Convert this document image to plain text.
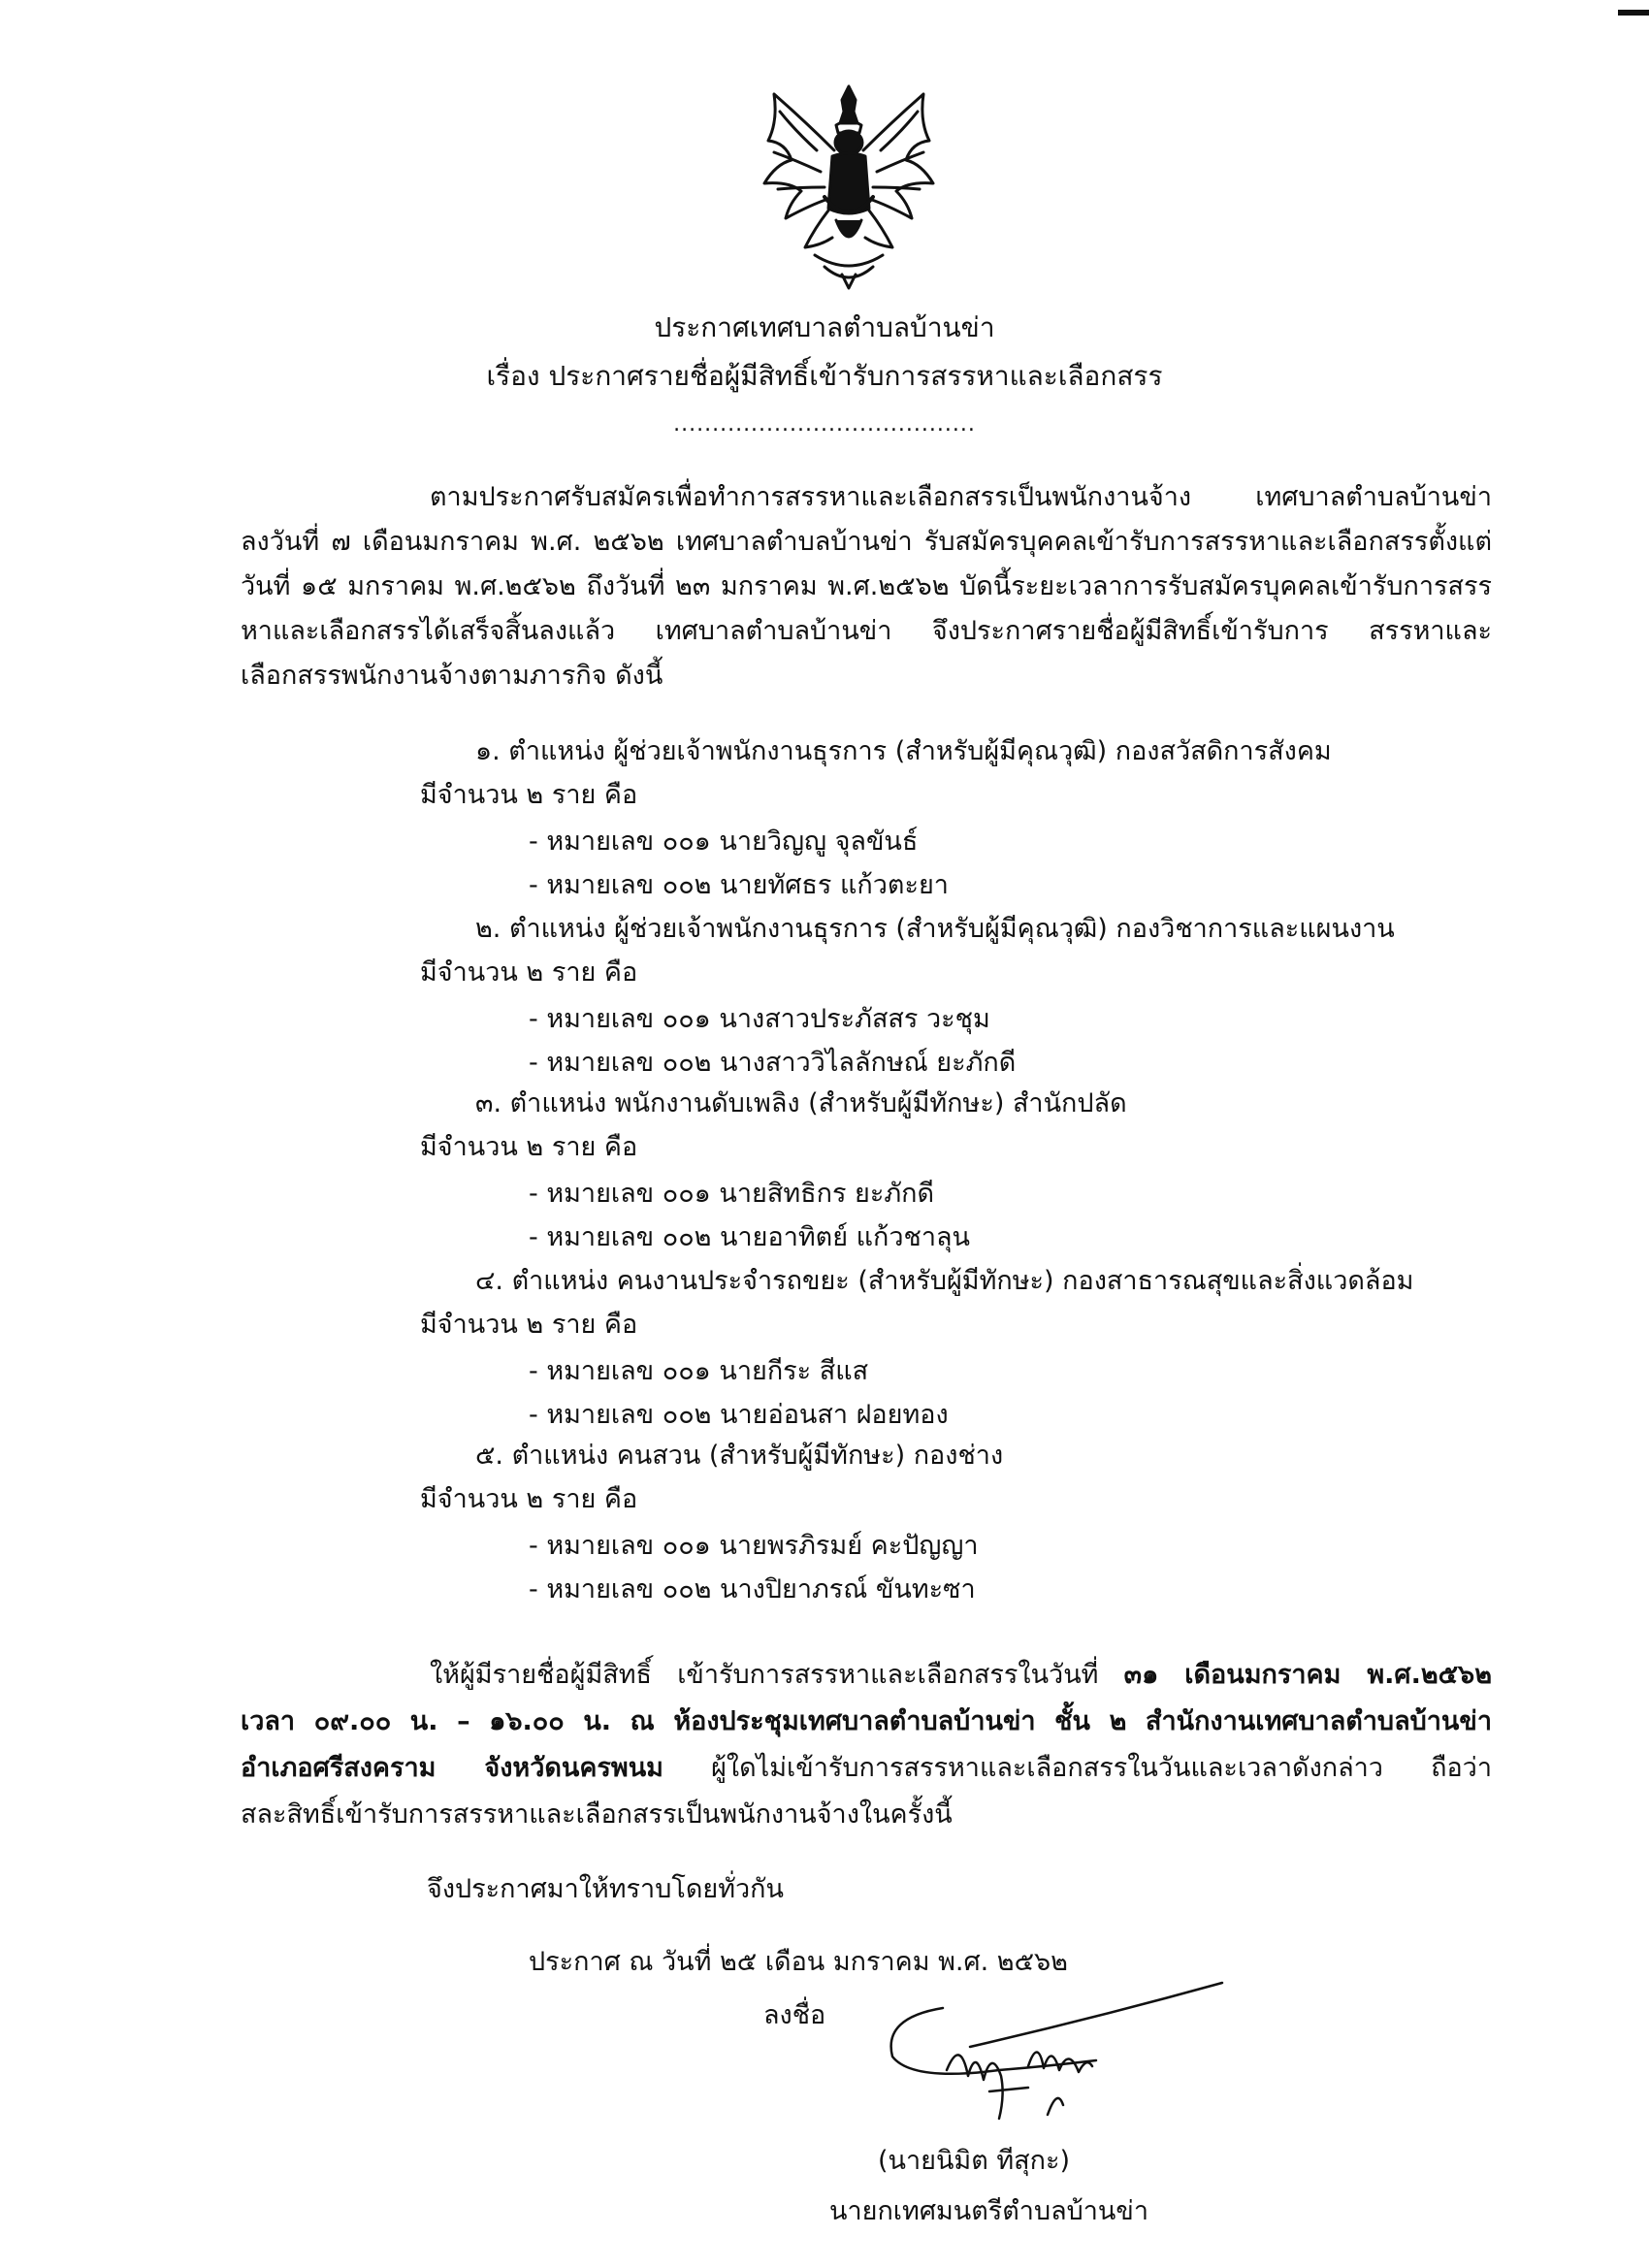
ประกาศเทศบาลตำบลบ้านข่า
เรื่อง ประกาศรายชื่อผู้มีสิทธิ์เข้ารับการสรรหาและเลือกสรร
.......................................
ตามประกาศรับสมัครเพื่อทำการสรรหาและเลือกสรรเป็นพนักงานจ้าง เทศบาลตำบลบ้านข่า
ลงวันที่ ๗ เดือนมกราคม พ.ศ. ๒๕๖๒ เทศบาลตำบลบ้านข่า รับสมัครบุคคลเข้ารับการสรรหาและเลือกสรรตั้งแต่
วันที่ ๑๕ มกราคม พ.ศ.๒๕๖๒ ถึงวันที่ ๒๓ มกราคม พ.ศ.๒๕๖๒ บัดนี้ระยะเวลาการรับสมัครบุคคลเข้ารับการสรร
หาและเลือกสรรได้เสร็จสิ้นลงแล้ว เทศบาลตำบลบ้านข่า จึงประกาศรายชื่อผู้มีสิทธิ์เข้ารับการ สรรหาและ
เลือกสรรพนักงานจ้างตามภารกิจ ดังนี้
๑. ตำแหน่ง ผู้ช่วยเจ้าพนักงานธุรการ (สำหรับผู้มีคุณวุฒิ) กองสวัสดิการสังคม
มีจำนวน ๒ ราย คือ
- หมายเลข ๐๐๑ นายวิญญู จุลขันธ์
- หมายเลข ๐๐๒ นายทัศธร แก้วตะยา
๒. ตำแหน่ง ผู้ช่วยเจ้าพนักงานธุรการ (สำหรับผู้มีคุณวุฒิ) กองวิชาการและแผนงาน
มีจำนวน ๒ ราย คือ
- หมายเลข ๐๐๑ นางสาวประภัสสร วะชุม
- หมายเลข ๐๐๒ นางสาววิไลลักษณ์ ยะภักดี
๓. ตำแหน่ง พนักงานดับเพลิง (สำหรับผู้มีทักษะ) สำนักปลัด
มีจำนวน ๒ ราย คือ
- หมายเลข ๐๐๑ นายสิทธิกร ยะภักดี
- หมายเลข ๐๐๒ นายอาทิตย์ แก้วชาลุน
๔. ตำแหน่ง คนงานประจำรถขยะ (สำหรับผู้มีทักษะ) กองสาธารณสุขและสิ่งแวดล้อม
มีจำนวน ๒ ราย คือ
- หมายเลข ๐๐๑ นายกีระ สีแส
- หมายเลข ๐๐๒ นายอ่อนสา ฝอยทอง
๕. ตำแหน่ง คนสวน (สำหรับผู้มีทักษะ) กองช่าง
มีจำนวน ๒ ราย คือ
- หมายเลข ๐๐๑ นายพรภิรมย์ คะปัญญา
- หมายเลข ๐๐๒ นางปิยาภรณ์ ขันทะซา
ให้ผู้มีรายชื่อผู้มีสิทธิ์ เข้ารับการสรรหาและเลือกสรรในวันที่ ๓๑ เดือนมกราคม พ.ศ.๒๕๖๒
เวลา ๐๙.๐๐ น. – ๑๖.๐๐ น. ณ ห้องประชุมเทศบาลตำบลบ้านข่า ชั้น ๒ สำนักงานเทศบาลตำบลบ้านข่า
อำเภอศรีสงคราม จังหวัดนครพนม ผู้ใดไม่เข้ารับการสรรหาและเลือกสรรในวันและเวลาดังกล่าว ถือว่า
สละสิทธิ์เข้ารับการสรรหาและเลือกสรรเป็นพนักงานจ้างในครั้งนี้
จึงประกาศมาให้ทราบโดยทั่วกัน
ประกาศ ณ วันที่ ๒๕ เดือน มกราคม พ.ศ. ๒๕๖๒
ลงชื่อ
(นายนิมิต ทีสุกะ)
นายกเทศมนตรีตำบลบ้านข่า
